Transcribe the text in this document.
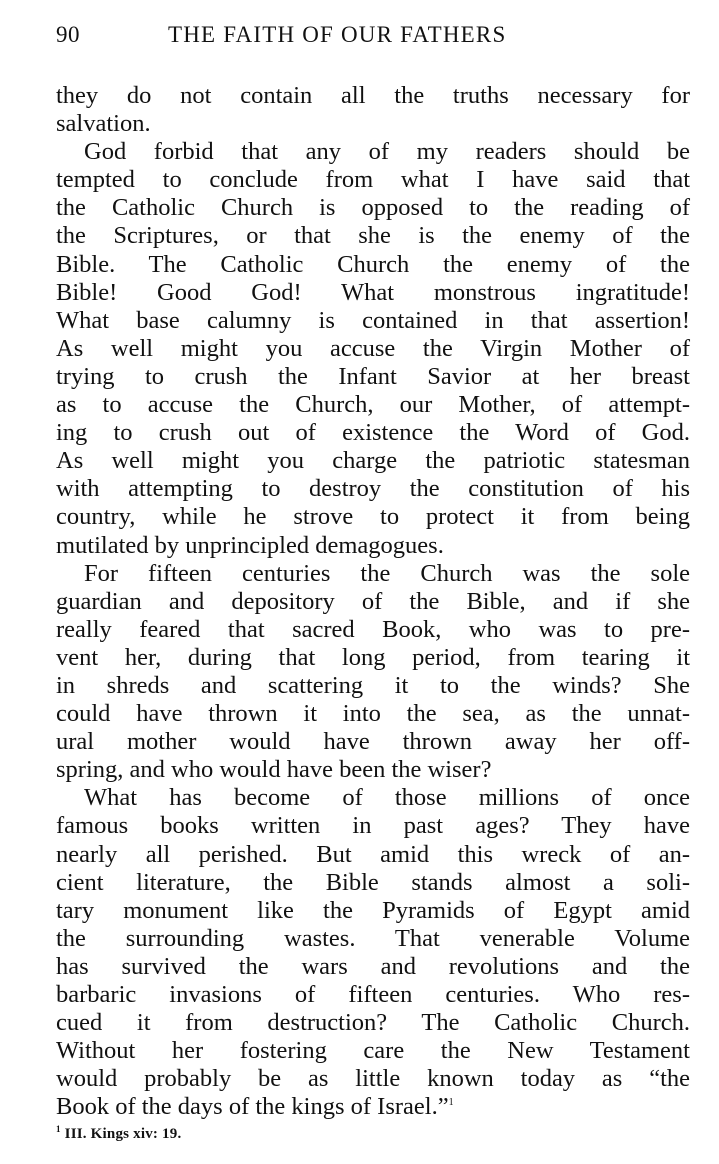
90	THE FAITH OF OUR FATHERS
they do not contain all the truths necessary for
salvation.
God forbid that any of my readers should be
tempted to conclude from what I have said that
the Catholic Church is opposed to the reading of
the Scriptures, or that she is the enemy of the
Bible. The Catholic Church the enemy of the
Bible! Good God! What monstrous ingratitude!
What base calumny is contained in that assertion!
As well might you accuse the Virgin Mother of
trying to crush the Infant Savior at her breast
as to accuse the Church, our Mother, of attempt-
ing to crush out of existence the Word of God.
As well might you charge the patriotic statesman
with attempting to destroy the constitution of his
country, while he strove to protect it from being
mutilated by unprincipled demagogues.
For fifteen centuries the Church was the sole
guardian and depository of the Bible, and if she
really feared that sacred Book, who was to pre-
vent her, during that long period, from tearing it
in shreds and scattering it to the winds? She
could have thrown it into the sea, as the unnat-
ural mother would have thrown away her off-
spring, and who would have been the wiser?
What has become of those millions of once
famous books written in past ages? They have
nearly all perished. But amid this wreck of an-
cient literature, the Bible stands almost a soli-
tary monument like the Pyramids of Egypt amid
the surrounding wastes. That venerable Volume
has survived the wars and revolutions and the
barbaric invasions of fifteen centuries. Who res-
cued it from destruction? The Catholic Church.
Without her fostering care the New Testament
would probably be as little known today as “the
Book of the days of the kings of Israel.”$^1$
$^1$ III. Kings xiv: 19.
